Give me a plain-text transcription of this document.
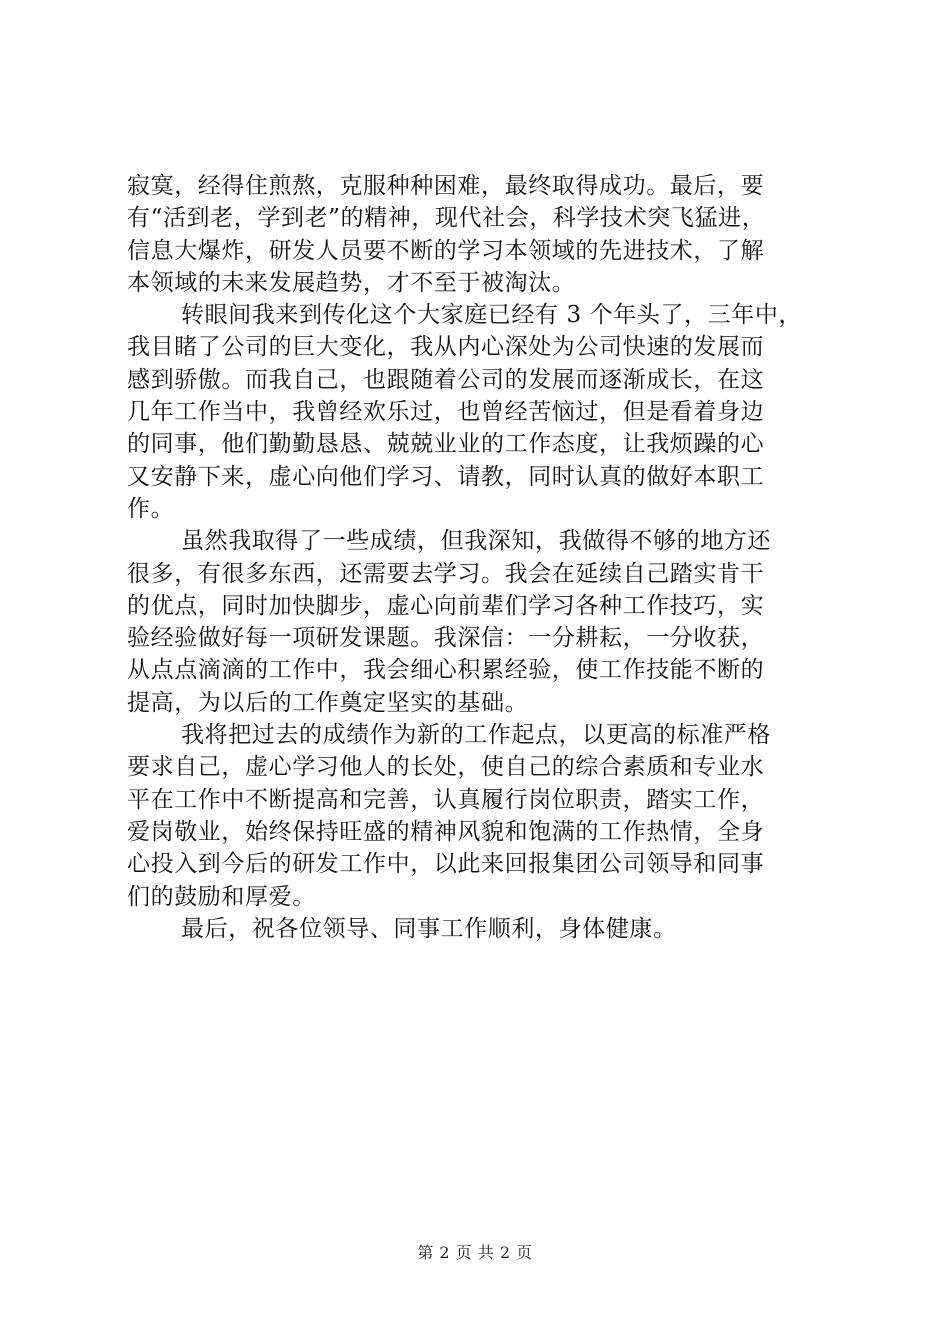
寂寞，经得住煎熬，克服种种困难，最终取得成功。最后，要
有“活到老，学到老”的精神，现代社会，科学技术突飞猛进，
信息大爆炸，研发人员要不断的学习本领域的先进技术，了解
本领域的未来发展趋势，才不至于被淘汰。
转眼间我来到传化这个大家庭已经有 3 个年头了，三年中，
我目睹了公司的巨大变化，我从内心深处为公司快速的发展而
感到骄傲。而我自己，也跟随着公司的发展而逐渐成长，在这
几年工作当中，我曾经欢乐过，也曾经苦恼过，但是看着身边
的同事，他们勤勤恳恳、兢兢业业的工作态度，让我烦躁的心
又安静下来，虚心向他们学习、请教，同时认真的做好本职工
作。
虽然我取得了一些成绩，但我深知，我做得不够的地方还
很多，有很多东西，还需要去学习。我会在延续自己踏实肯干
的优点，同时加快脚步，虚心向前辈们学习各种工作技巧，实
验经验做好每一项研发课题。我深信：一分耕耘，一分收获，
从点点滴滴的工作中，我会细心积累经验，使工作技能不断的
提高，为以后的工作奠定坚实的基础。
我将把过去的成绩作为新的工作起点，以更高的标准严格
要求自己，虚心学习他人的长处，使自己的综合素质和专业水
平在工作中不断提高和完善，认真履行岗位职责，踏实工作，
爱岗敬业，始终保持旺盛的精神风貌和饱满的工作热情，全身
心投入到今后的研发工作中，以此来回报集团公司领导和同事
们的鼓励和厚爱。
最后，祝各位领导、同事工作顺利，身体健康。
第 2 页 共 2 页
